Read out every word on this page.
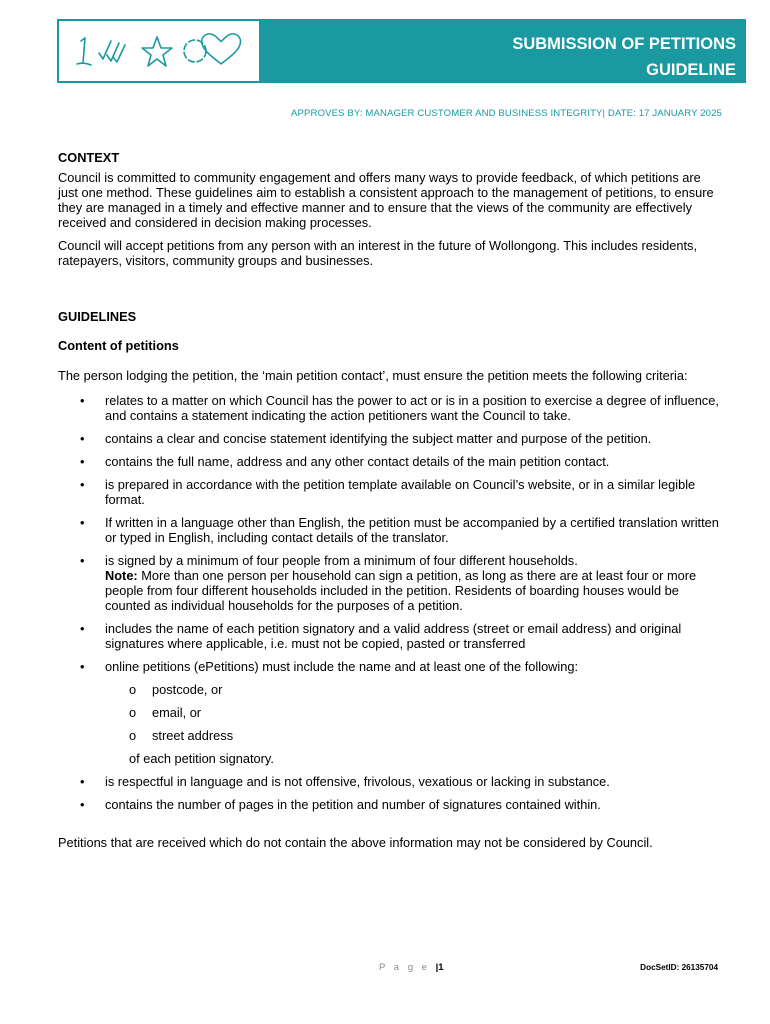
SUBMISSION OF PETITIONS
GUIDELINE
APPROVES BY: MANAGER CUSTOMER AND BUSINESS INTEGRITY| DATE: 17 JANUARY 2025

CONTEXT

Council is committed to community engagement and offers many ways to provide feedback, of which petitions are just one method. These guidelines aim to establish a consistent approach to the management of petitions, to ensure they are managed in a timely and effective manner and to ensure that the views of the community are effectively received and considered in decision making processes.

Council will accept petitions from any person with an interest in the future of Wollongong. This includes residents, ratepayers, visitors, community groups and businesses.

GUIDELINES

Content of petitions

The person lodging the petition, the ‘main petition contact’, must ensure the petition meets the following criteria:

• relates to a matter on which Council has the power to act or is in a position to exercise a degree of influence, and contains a statement indicating the action petitioners want the Council to take.
• contains a clear and concise statement identifying the subject matter and purpose of the petition.
• contains the full name, address and any other contact details of the main petition contact.
• is prepared in accordance with the petition template available on Council’s website, or in a similar legible format.
• If written in a language other than English, the petition must be accompanied by a certified translation written or typed in English, including contact details of the translator.
• is signed by a minimum of four people from a minimum of four different households.
Note: More than one person per household can sign a petition, as long as there are at least four or more people from four different households included in the petition. Residents of boarding houses would be counted as individual households for the purposes of a petition.
• includes the name of each petition signatory and a valid address (street or email address) and original signatures where applicable, i.e. must not be copied, pasted or transferred
• online petitions (ePetitions) must include the name and at least one of the following:
o postcode, or
o email, or
o street address

of each petition signatory.

• is respectful in language and is not offensive, frivolous, vexatious or lacking in substance.
• contains the number of pages in the petition and number of signatures contained within.

Petitions that are received which do not contain the above information may not be considered by Council.

P a g e |1	DocSetID: 26135704
